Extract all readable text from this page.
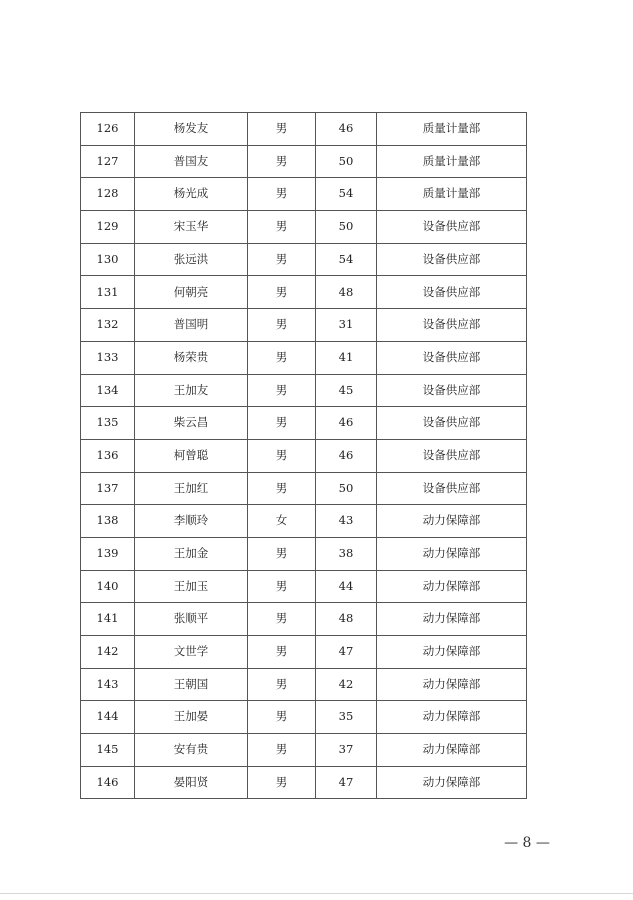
126	杨发友	男	46	质量计量部
127	普国友	男	50	质量计量部
128	杨光成	男	54	质量计量部
129	宋玉华	男	50	设备供应部
130	张远洪	男	54	设备供应部
131	何朝亮	男	48	设备供应部
132	普国明	男	31	设备供应部
133	杨荣贵	男	41	设备供应部
134	王加友	男	45	设备供应部
135	柴云昌	男	46	设备供应部
136	柯曾聪	男	46	设备供应部
137	王加红	男	50	设备供应部
138	李顺玲	女	43	动力保障部
139	王加金	男	38	动力保障部
140	王加玉	男	44	动力保障部
141	张顺平	男	48	动力保障部
142	文世学	男	47	动力保障部
143	王朝国	男	42	动力保障部
144	王加晏	男	35	动力保障部
145	安有贵	男	37	动力保障部
146	晏阳贤	男	47	动力保障部
— 8 —
